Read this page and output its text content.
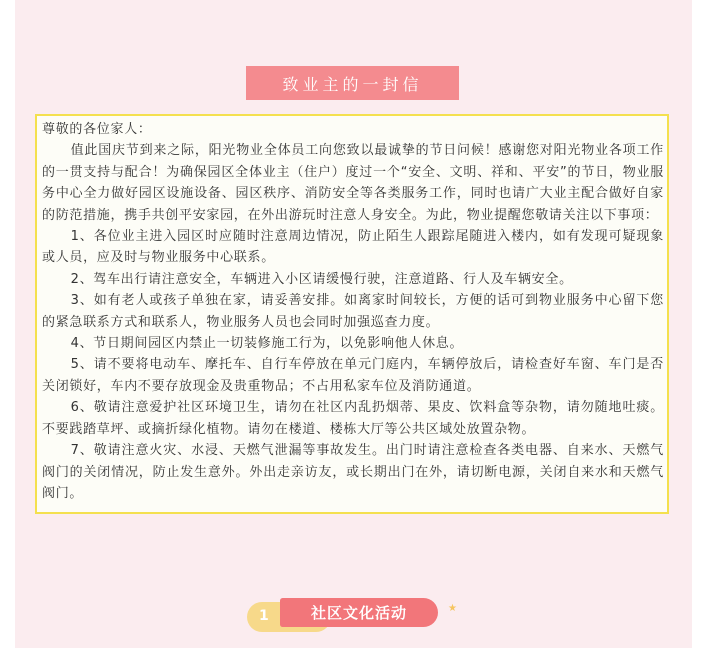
致业主的一封信

尊敬的各位家人：

值此国庆节到来之际，阳光物业全体员工向您致以最诚挚的节日问候！感谢您对阳光物业各项工作的一贯支持与配合！为确保园区全体业主（住户）度过一个“安全、文明、祥和、平安”的节日，物业服务中心全力做好园区设施设备、园区秩序、消防安全等各类服务工作，同时也请广大业主配合做好自家的防范措施，携手共创平安家园，在外出游玩时注意人身安全。为此，物业提醒您敬请关注以下事项：

1、各位业主进入园区时应随时注意周边情况，防止陌生人跟踪尾随进入楼内，如有发现可疑现象或人员，应及时与物业服务中心联系。

2、驾车出行请注意安全，车辆进入小区请缓慢行驶，注意道路、行人及车辆安全。

3、如有老人或孩子单独在家，请妥善安排。如离家时间较长，方便的话可到物业服务中心留下您的紧急联系方式和联系人，物业服务人员也会同时加强巡查力度。

4、节日期间园区内禁止一切装修施工行为，以免影响他人休息。

5、请不要将电动车、摩托车、自行车停放在单元门庭内，车辆停放后，请检查好车窗、车门是否关闭锁好，车内不要存放现金及贵重物品；不占用私家车位及消防通道。

6、敬请注意爱护社区环境卫生，请勿在社区内乱扔烟蒂、果皮、饮料盒等杂物，请勿随地吐痰。不要践踏草坪、或摘折绿化植物。请勿在楼道、楼栋大厅等公共区域处放置杂物。

7、敬请注意火灾、水浸、天燃气泄漏等事故发生。出门时请注意检查各类电器、自来水、天燃气阀门的关闭情况，防止发生意外。外出走亲访友，或长期出门在外，请切断电源，关闭自来水和天燃气阀门。

1	社区文化活动	★
